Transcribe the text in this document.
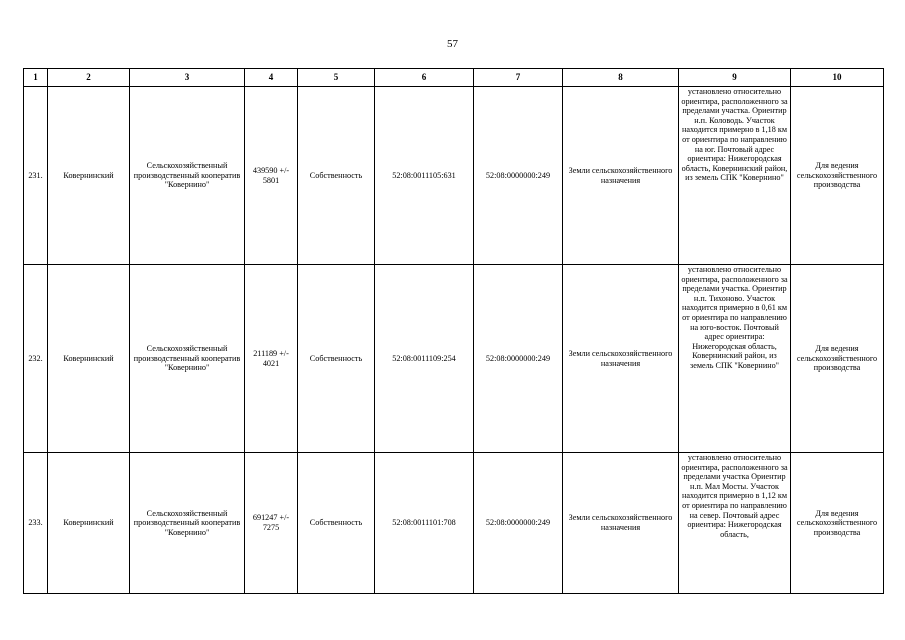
57
1	2	3	4	5	6	7	8	9	10
231.	Ковернинский	Сельскохозяйственный производственный кооператив "Ковернино"	439590 +/- 5801	Собственность	52:08:0011105:631	52:08:0000000:249	Земли сельскохозяйственного назначения	установлено относительно ориентира, расположенного за пределами участка. Ориентир н.п. Коловодь. Участок находится примерно в 1,18 км от ориентира по направлению на юг. Почтовый адрес ориентира: Нижегородская область, Ковернинский район, из земель СПК "Ковернино"	Для ведения сельскохозяйственного производства
232.	Ковернинский	Сельскохозяйственный производственный кооператив "Ковернино"	211189 +/- 4021	Собственность	52:08:0011109:254	52:08:0000000:249	Земли сельскохозяйственного назначения	установлено относительно ориентира, расположенного за пределами участка. Ориентир н.п. Тихоново. Участок находится примерно в 0,61 км от ориентира по направлению на юго-восток. Почтовый адрес ориентира: Нижегородская область, Ковернинский район, из земель СПК "Ковернино"	Для ведения сельскохозяйственного производства
233.	Ковернинский	Сельскохозяйственный производственный кооператив "Ковернино"	691247 +/- 7275	Собственность	52:08:0011101:708	52:08:0000000:249	Земли сельскохозяйственного назначения	установлено относительно ориентира, расположенного за пределами участка Ориентир н.п. Мал Мосты. Участок находится примерно в 1,12 км от ориентира по направлению на север. Почтовый адрес ориентира: Нижегородская область,	Для ведения сельскохозяйственного производства
